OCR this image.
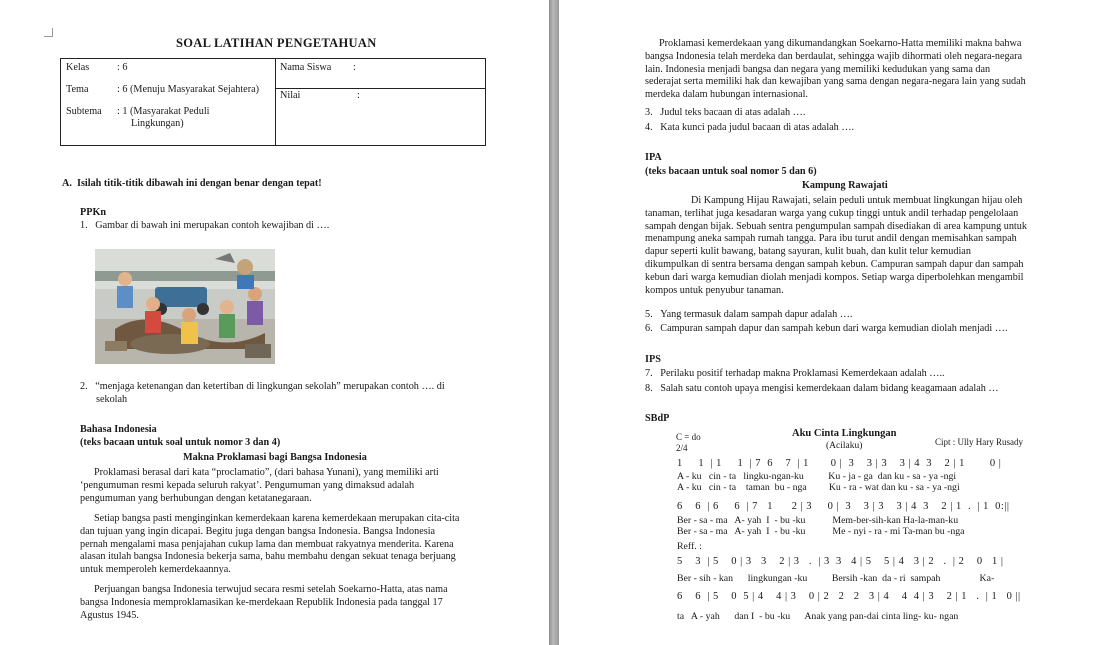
SOAL LATIHAN PENGETAHUAN
Kelas	: 6
Tema	: 6 (Menuju Masyarakat Sejahtera)
Subtema : 1 (Masyarakat Peduli
Lingkungan)
Nama Siswa :
Nilai	:
A.  Isilah titik-titik dibawah ini dengan benar dengan tepat!
PPKn
1.   Gambar di bawah ini merupakan contoh kewajiban di ….
2.   “menjaga ketenangan dan ketertiban di lingkungan sekolah” merupakan contoh …. di
sekolah
Bahasa Indonesia
(teks bacaan untuk soal untuk nomor 3 dan 4)
Makna Proklamasi bagi Bangsa Indonesia
Proklamasi berasal dari kata “proclamatio”, (dari bahasa Yunani), yang memiliki arti
‘pengumuman resmi kepada seluruh rakyat’. Pengumuman yang dimaksud adalah
pengumuman yang berhubungan dengan ketatanegaraan.
Setiap bangsa pasti menginginkan kemerdekaan karena kemerdekaan merupakan cita-cita
dan tujuan yang ingin dicapai. Begitu juga dengan bangsa Indonesia. Bangsa Indonesia
pernah mengalami masa penjajahan cukup lama dan membuat rakyatnya menderita. Karena
alasan itulah bangsa Indonesia bekerja sama, bahu membahu dengan sekuat tenaga berjuang
untuk memperoleh kemerdekaannya.
Perjuangan bangsa Indonesia terwujud secara resmi setelah Soekarno-Hatta, atas nama
bangsa Indonesia memproklamasikan ke-merdekaan Republik Indonesia pada tanggal 17
Agustus 1945.
Proklamasi kemerdekaan yang dikumandangkan Soekarno-Hatta memiliki makna bahwa
bangsa Indonesia telah merdeka dan berdaulat, sehingga wajib dihormati oleh negara-negara
lain. Indonesia menjadi bangsa dan negara yang memiliki kedudukan yang sama dan
sederajat serta memiliki hak dan kewajiban yang sama dengan negara-negara lain yang sudah
merdeka dalam hubungan internasional.
3.   Judul teks bacaan di atas adalah ….
4.   Kata kunci pada judul bacaan di atas adalah ….
IPA
(teks bacaan untuk soal nomor 5 dan 6)
Kampung Rawajati
Di Kampung Hijau Rawajati, selain peduli untuk membuat lingkungan hijau oleh
tanaman, terlihat juga kesadaran warga yang cukup tinggi untuk andil terhadap pengelolaan
sampah dengan bijak. Sebuah sentra pengumpulan sampah disediakan di area kampung untuk
menampung aneka sampah rumah tangga. Para ibu turut andil dengan memisahkan sampah
dapur seperti kulit bawang, batang sayuran, kulit buah, dan kulit telur kemudian
dikumpulkan di sentra bersama dengan sampah kebun. Campuran sampah dapur dan sampah
kebun dari warga kemudian diolah menjadi kompos. Setiap warga diperbolehkan mengambil
kompos untuk penyubur tanaman.
5.   Yang termasuk dalam sampah dapur adalah ….
6.   Campuran sampah dapur dan sampah kebun dari warga kemudian diolah menjadi ….
IPS
7.   Perilaku positif terhadap makna Proklamasi Kemerdekaan adalah …..
8.   Salah satu contoh upaya mengisi kemerdekaan dalam bidang keagamaan adalah …
SBdP
C = do
2/4
Aku Cinta Lingkungan
(Acilaku)	Cipt : Ully Hary Rusady
1     1  | 1     1  | 7  6    7  | 1       0 |  3    3 | 3    3 | 4  3    2 | 1        0 |
A - ku   cin - ta   lingku-ngan-ku          Ku - ja - ga  dan ku - sa - ya -ngi
A - ku   cin - ta    taman  bu - nga         Ku - ra - wat dan ku - sa - ya -ngi
6    6  | 6     6  | 7   1      2 | 3     0 |  3    3 | 3    3 | 4  3    2 | 1  .  | 1  0:||
Ber - sa - ma   A- yah  I  - bu -ku           Mem-ber-sih-kan Ha-la-man-ku
Ber - sa - ma   A- yah  I  - bu -ku           Me - nyi - ra - mi Ta-man bu -nga
Reff. :
5    3  | 5    0 | 3   3    2 | 3   .  | 3  3   4 | 5    5 | 4   3 | 2   .  | 2    0   1 |
Ber - sih - kan      lingkungan -ku          Bersih -kan  da - ri  sampah                Ka-
6    6  | 5    0  5 | 4    4 | 3    0 | 2   2   2   3 | 4    4  4 | 3    2 | 1   .  | 1   0 ||
ta   A - yah      dan I  - bu -ku      Anak yang pan-dai cinta ling- ku- ngan
